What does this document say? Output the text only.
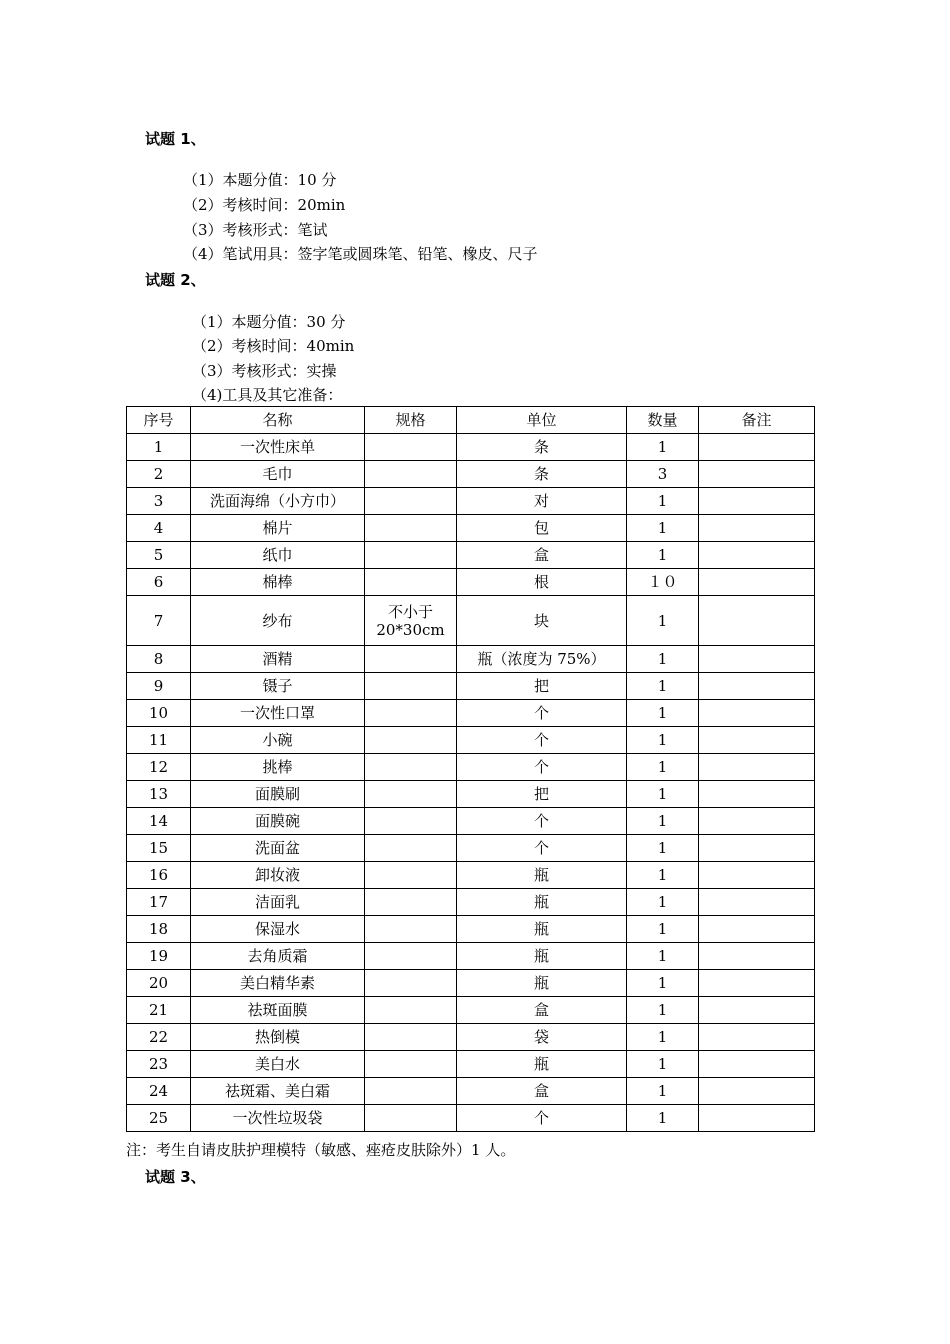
试题 1、
（1）本题分值：10 分
（2）考核时间：20min
（3）考核形式：笔试
（4）笔试用具：签字笔或圆珠笔、铅笔、橡皮、尺子
试题 2、
（1）本题分值：30 分
（2）考核时间：40min
（3）考核形式：实操
（4)工具及其它准备：
序号	名称	规格	单位	数量	备注
1	一次性床单		条	1	
2	毛巾		条	3	
3	洗面海绵（小方巾）		对	1	
4	棉片		包	1	
5	纸巾		盒	1	
6	棉棒		根	１０	
7	纱布	不小于 20*30cm	块	1	
8	酒精		瓶（浓度为 75%）	1	
9	镊子		把	1	
10	一次性口罩		个	1	
11	小碗		个	1	
12	挑棒		个	1	
13	面膜刷		把	1	
14	面膜碗		个	1	
15	洗面盆		个	1	
16	卸妆液		瓶	1	
17	洁面乳		瓶	1	
18	保湿水		瓶	1	
19	去角质霜		瓶	1	
20	美白精华素		瓶	1	
21	祛斑面膜		盒	1	
22	热倒模		袋	1	
23	美白水		瓶	1	
24	祛斑霜、美白霜		盒	1	
25	一次性垃圾袋		个	1	
注：考生自请皮肤护理模特（敏感、痤疮皮肤除外）1 人。
试题 3、
